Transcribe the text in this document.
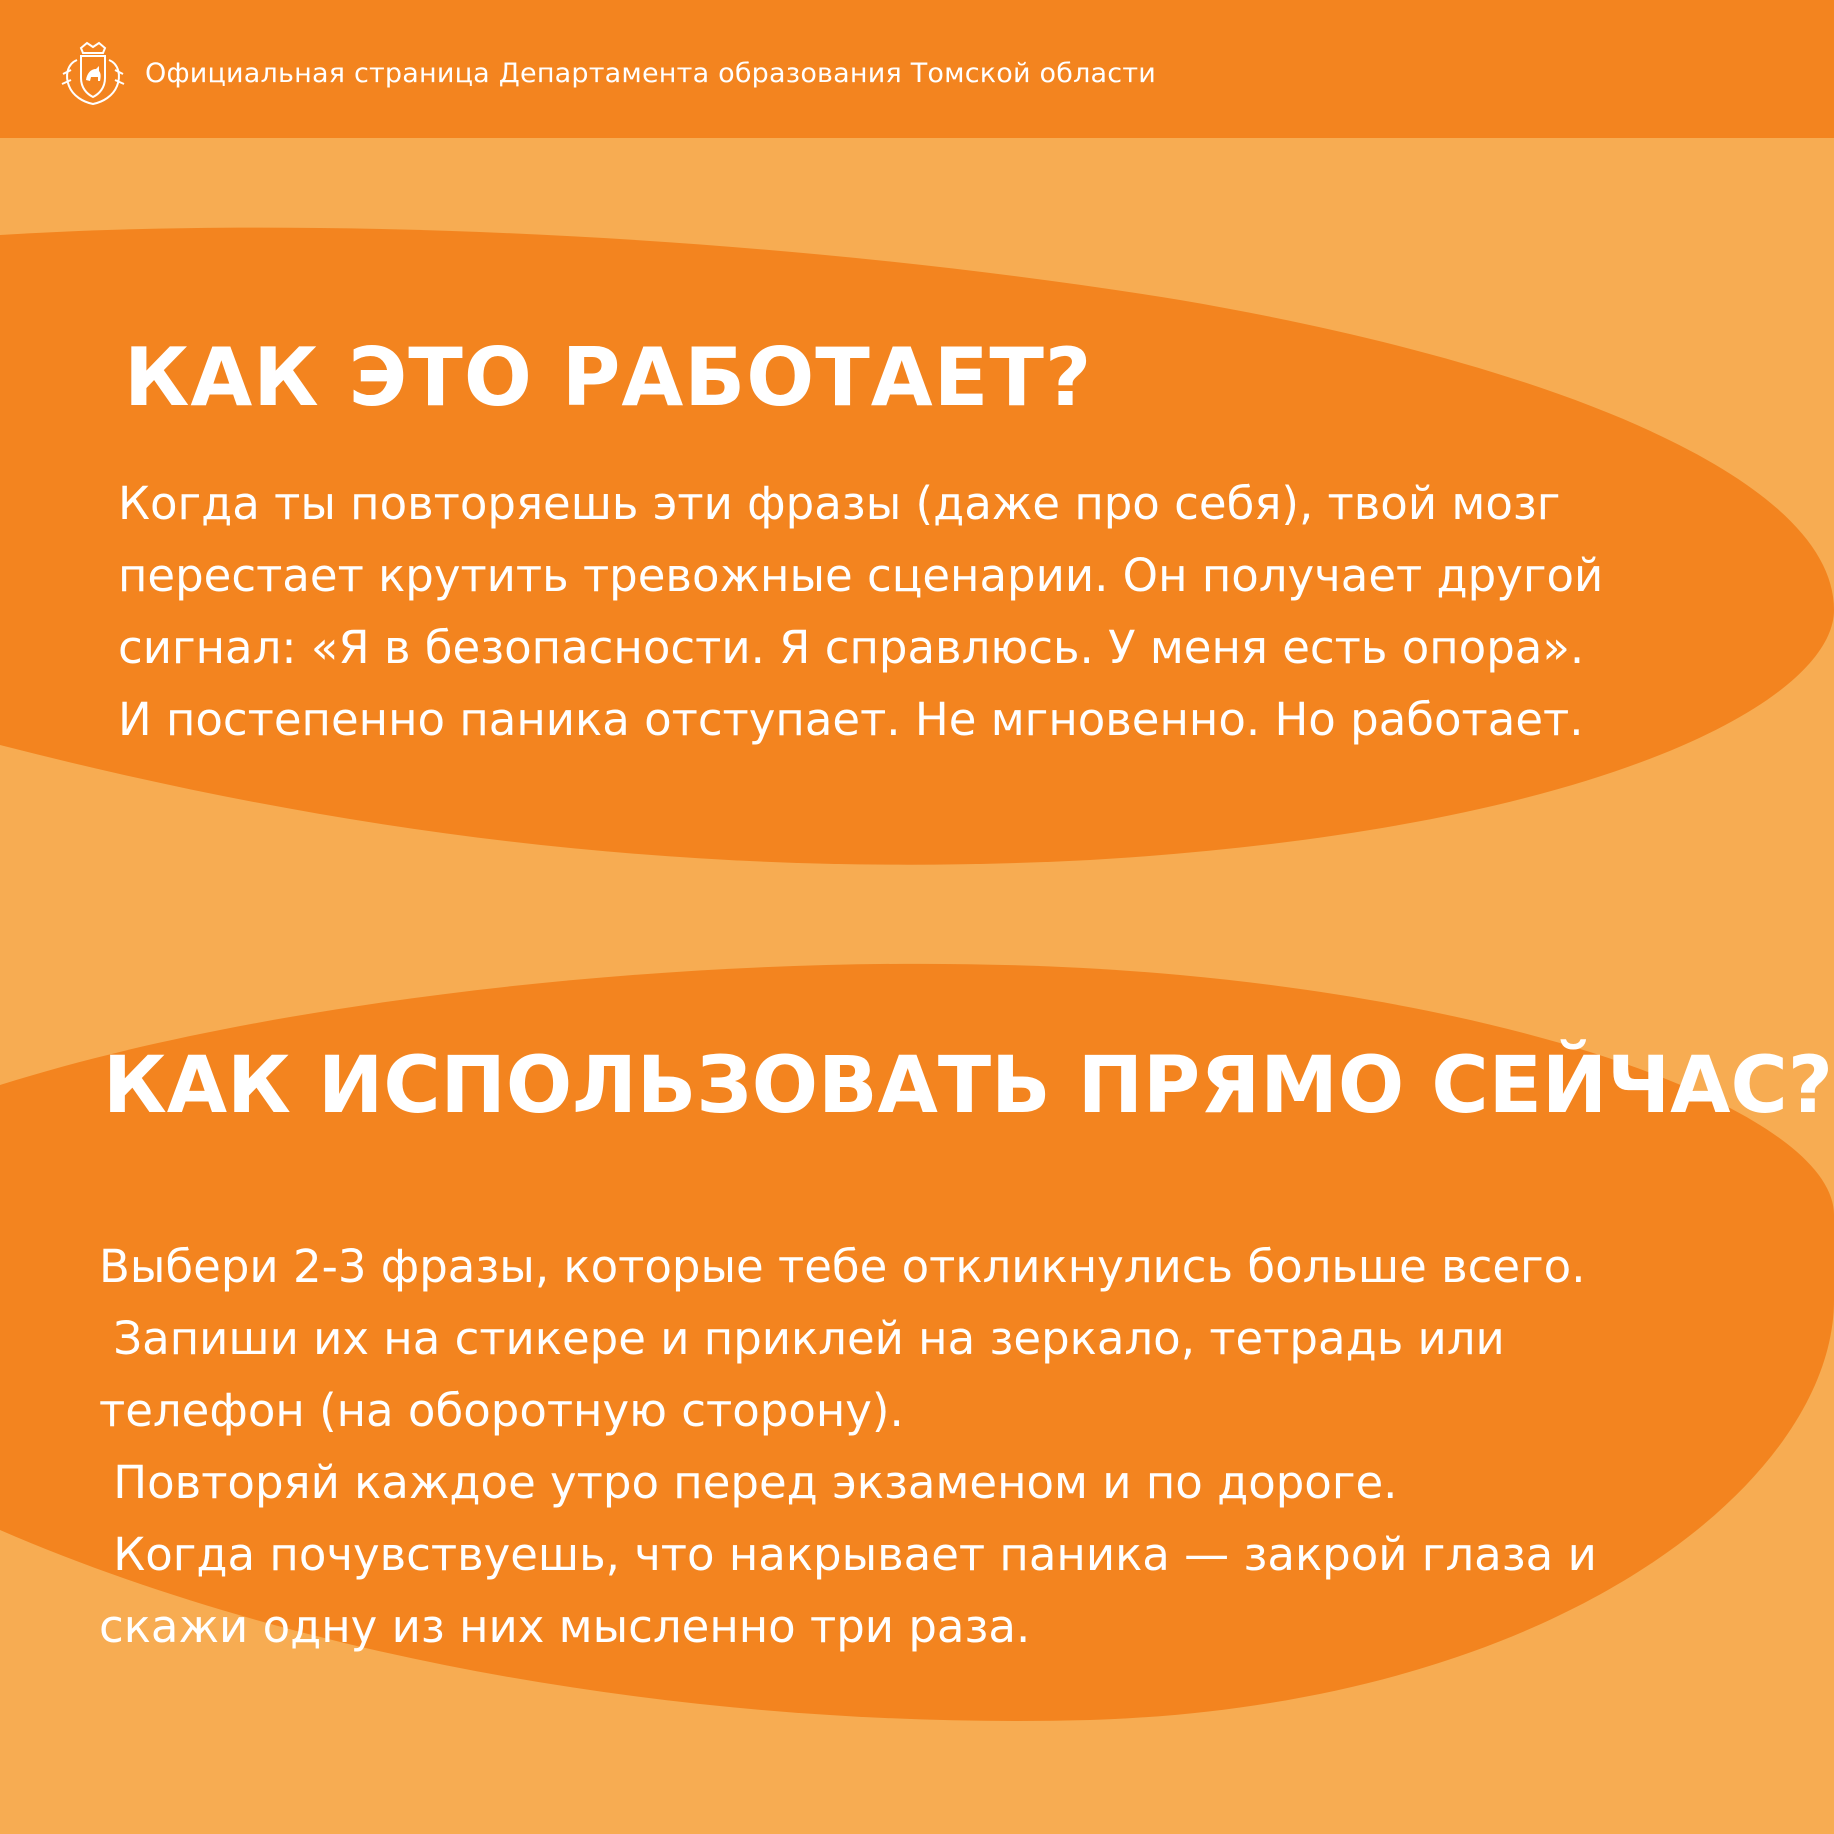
Официальная страница Департамента образования Томской области
КАК ЭТО РАБОТАЕТ?
Когда ты повторяешь эти фразы (даже про себя), твой мозг
перестает крутить тревожные сценарии. Он получает другой
сигнал: «Я в безопасности. Я справлюсь. У меня есть опора».
И постепенно паника отступает. Не мгновенно. Но работает.
КАК ИСПОЛЬЗОВАТЬ ПРЯМО СЕЙЧАС?
Выбери 2-3 фразы, которые тебе откликнулись больше всего.
Запиши их на стикере и приклей на зеркало, тетрадь или
телефон (на оборотную сторону).
Повторяй каждое утро перед экзаменом и по дороге.
Когда почувствуешь, что накрывает паника — закрой глаза и
скажи одну из них мысленно три раза.
